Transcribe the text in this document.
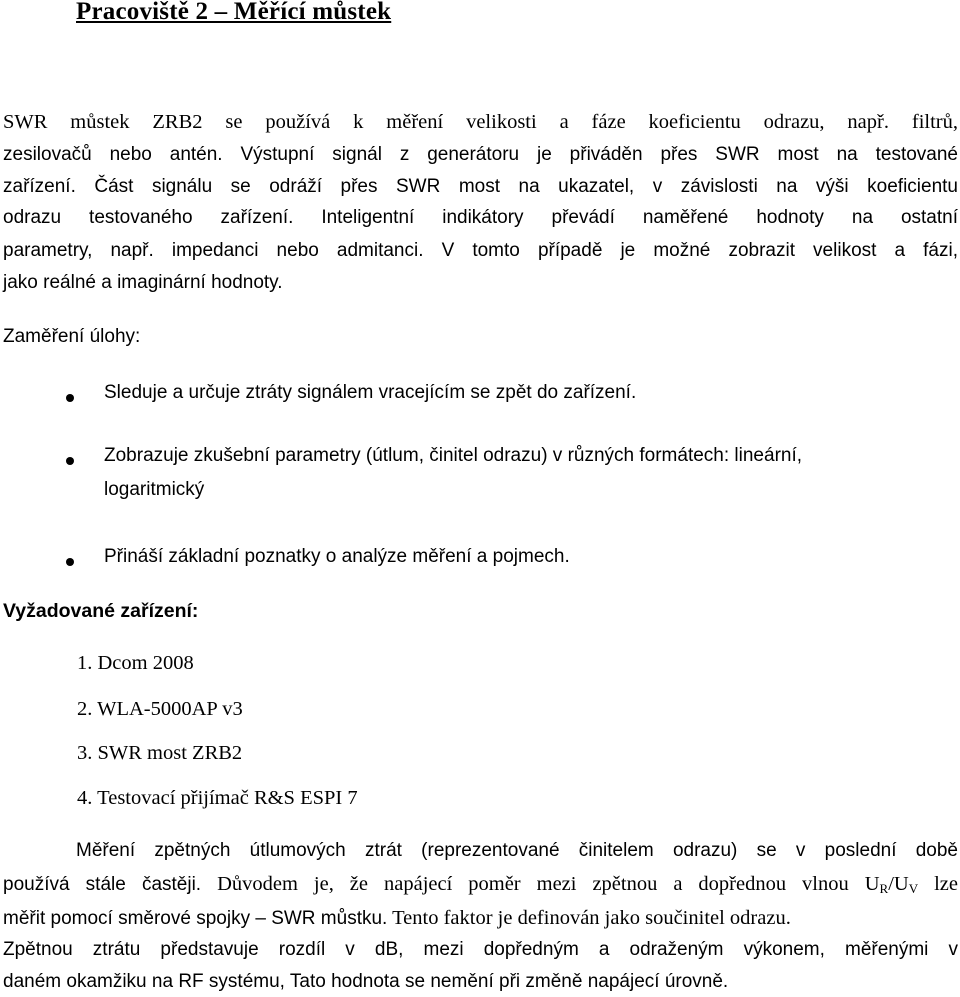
Pracoviště 2 – Měřící můstek
SWR můstek ZRB2 se používá k měření velikosti a fáze koeficientu odrazu, např. filtrů,
zesilovačů nebo antén. Výstupní signál z generátoru je přiváděn přes SWR most na testované
zařízení. Část signálu se odráží přes SWR most na ukazatel, v závislosti na výši koeficientu
odrazu testovaného zařízení. Inteligentní indikátory převádí naměřené hodnoty na ostatní
parametry, např. impedanci nebo admitanci. V tomto případě je možné zobrazit velikost a fázi,
jako reálné a imaginární hodnoty.
Zaměření úlohy:
Sleduje a určuje ztráty signálem vracejícím se zpět do zařízení.
Zobrazuje zkušební parametry (útlum, činitel odrazu) v různých formátech: lineární,
logaritmický
Přináší základní poznatky o analýze měření a pojmech.
Vyžadované zařízení:
1. Dcom 2008
2. WLA-5000AP v3
3. SWR most ZRB2
4. Testovací přijímač R&S ESPI 7
Měření zpětných útlumových ztrát (reprezentované činitelem odrazu) se v poslední době
používá stále častěji. Důvodem je, že napájecí poměr mezi zpětnou a dopřednou vlnou $U_R/U_V$ lze
měřit pomocí směrové spojky – SWR můstku. Tento faktor je definován jako součinitel odrazu.
Zpětnou ztrátu představuje rozdíl v dB, mezi dopředným a odraženým výkonem, měřenými v
daném okamžiku na RF systému, Tato hodnota se nemění při změně napájecí úrovně.
